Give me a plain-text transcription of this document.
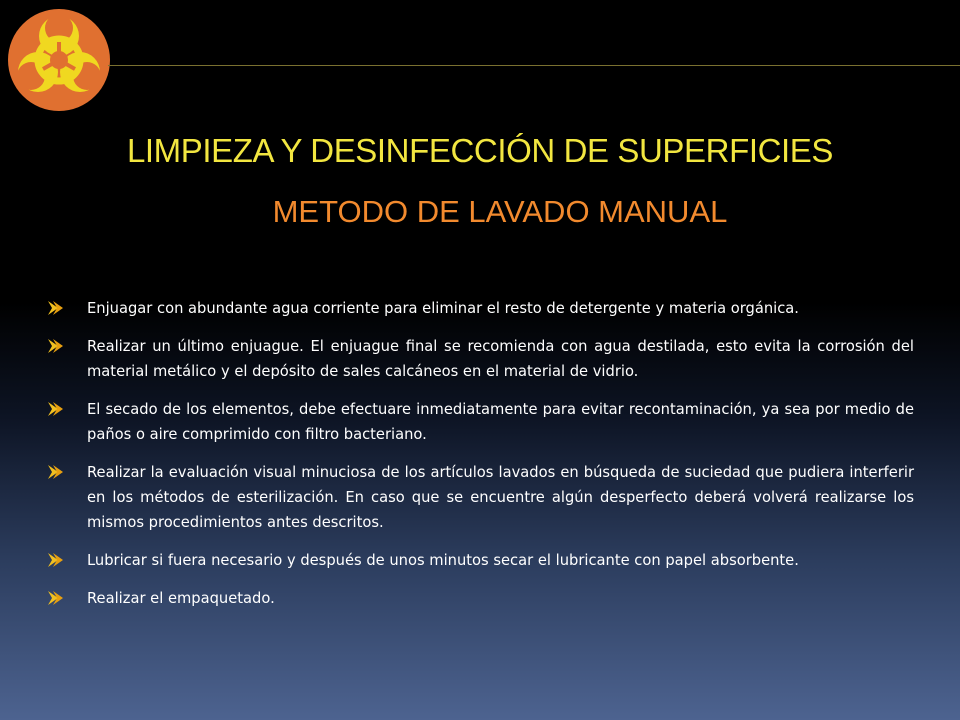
LIMPIEZA Y DESINFECCIÓN DE SUPERFICIES
METODO DE LAVADO MANUAL
Enjuagar con abundante agua corriente para eliminar el resto de detergente y materia orgánica.
Realizar un último enjuague. El enjuague final se recomienda con agua destilada, esto evita la corrosión del material metálico y el depósito de sales calcáneos en el material de vidrio.
El secado de los elementos, debe efectuare inmediatamente para evitar recontaminación, ya sea por medio de paños o aire comprimido con filtro bacteriano.
Realizar la evaluación visual minuciosa de los artículos lavados en búsqueda de suciedad que pudiera interferir en los métodos de esterilización. En caso que se encuentre algún desperfecto deberá volverá realizarse los mismos procedimientos antes descritos.
Lubricar si fuera necesario y después de unos minutos secar el lubricante con papel absorbente.
Realizar el empaquetado.
